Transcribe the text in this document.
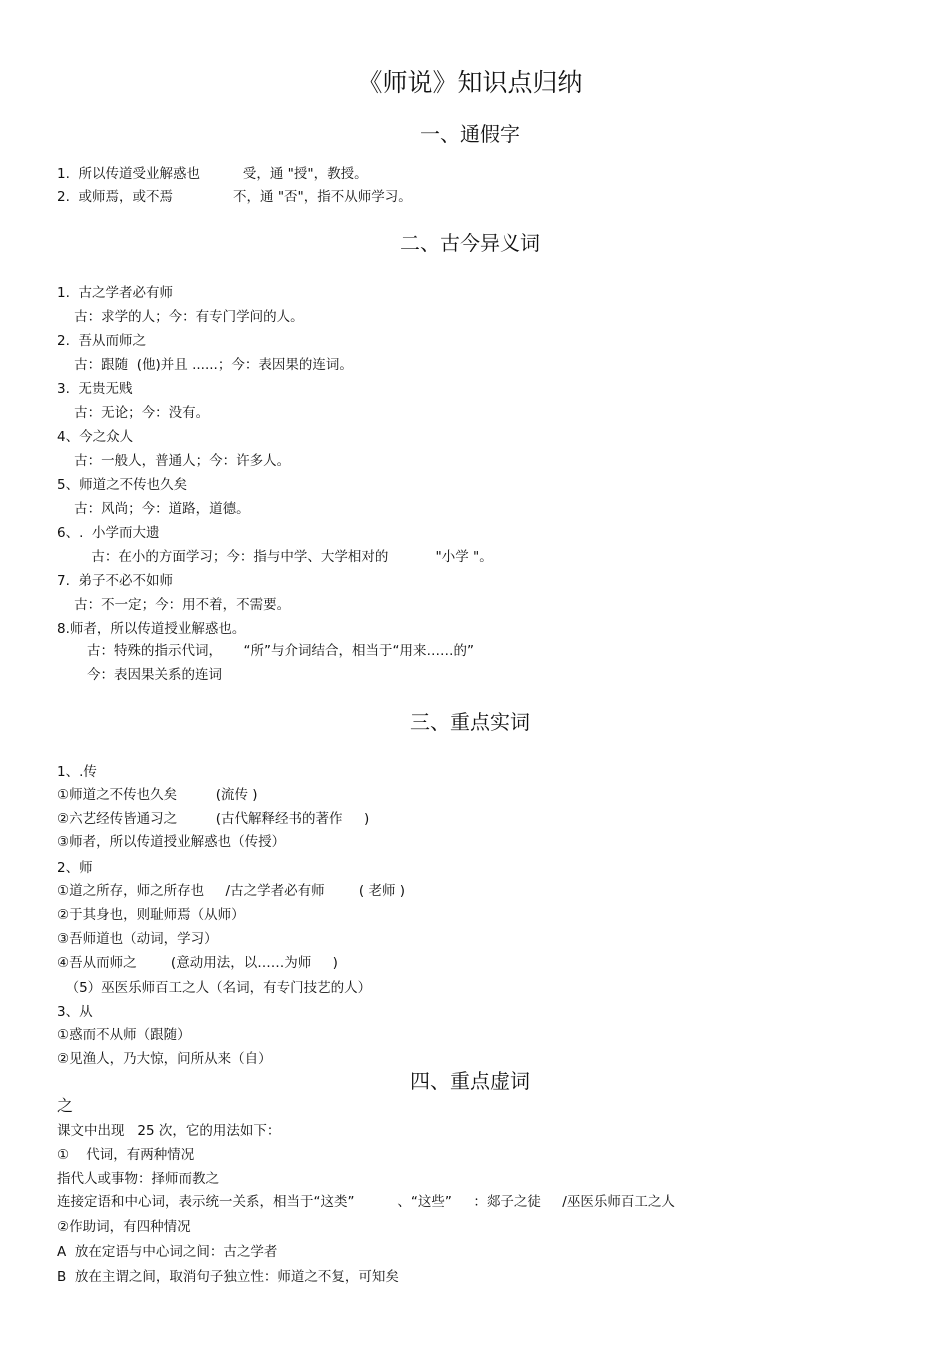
《师说》知识点归纳
一、通假字
1.  所以传道受业解惑也          受，通 "授"，教授。
2.  或师焉，或不焉              不，通 "否"，指不从师学习。
二、古今异义词
1.  古之学者必有师
古：求学的人；今：有专门学问的人。
2.  吾从而师之
古：跟随  (他)并且 ......；今：表因果的连词。
3.  无贵无贱
古：无论；今：没有。
4、今之众人
古：一般人，普通人；今：许多人。
5、师道之不传也久矣
古：风尚；今：道路，道德。
6、.  小学而大遗
古：在小的方面学习；今：指与中学、大学相对的           "小学 "。
7.  弟子不必不如师
古：不一定；今：用不着，不需要。
8.师者，所以传道授业解惑也。
古：特殊的指示代词，     “所”与介词结合，相当于“用来……的”
今：表因果关系的连词
三、重点实词
1、.传
①师道之不传也久矣         (流传 )
②六艺经传皆通习之         (古代解释经书的著作     )
③师者，所以传道授业解惑也（传授）
2、师
①道之所存，师之所存也     /古之学者必有师        ( 老师 )
②于其身也，则耻师焉（从师）
③吾师道也（动词，学习）
④吾从而师之        (意动用法，以……为师     )
（5）巫医乐师百工之人（名词，有专门技艺的人）
3、从
①惑而不从师（跟随）
②见渔人，乃大惊，问所从来（自）
四、重点虚词
之
课文中出现   25 次，它的用法如下：
①    代词，有两种情况
指代人或事物：择师而教之
连接定语和中心词，表示统一关系，相当于“这类”          、“这些”     ：郯子之徒     /巫医乐师百工之人
②作助词，有四种情况
A  放在定语与中心词之间：古之学者
B  放在主谓之间，取消句子独立性：师道之不复，可知矣
